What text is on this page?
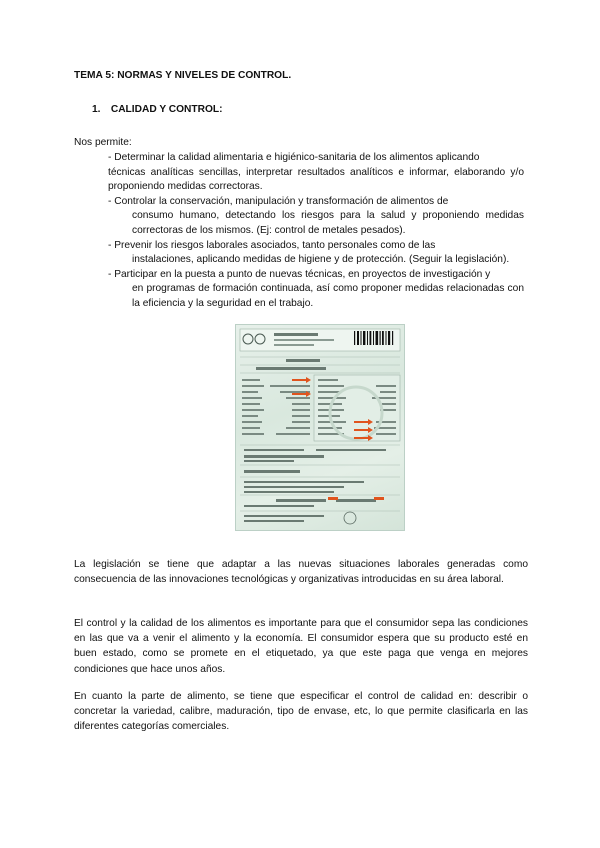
TEMA 5: NORMAS Y NIVELES DE CONTROL.
1. CALIDAD Y CONTROL:
Nos permite:

- Determinar la calidad alimentaria e higiénico-sanitaria de los alimentos aplicando
técnicas analíticas sencillas, interpretar resultados analíticos e informar, elaborando y/o proponiendo medidas correctoras.

- Controlar la conservación, manipulación y transformación de alimentos de
consumo humano, detectando los riesgos para la salud y proponiendo medidas correctoras de los mismos. (Ej: control de metales pesados).

- Prevenir los riesgos laborales asociados, tanto personales como de las
instalaciones, aplicando medidas de higiene y de protección. (Seguir la legislación).

- Participar en la puesta a punto de nuevas técnicas, en proyectos de investigación y
en programas de formación continuada, así como proponer medidas relacionadas con la eficiencia y la seguridad en el trabajo.

La legislación se tiene que adaptar a las nuevas situaciones laborales generadas como consecuencia de las innovaciones tecnológicas y organizativas introducidas en su área laboral.

El control y la calidad de los alimentos es importante para que el consumidor sepa las condiciones en las que va a venir el alimento y la economía. El consumidor espera que su producto esté en buen estado, como se promete en el etiquetado, ya que este paga que venga en mejores condiciones que hace unos años.

En cuanto la parte de alimento, se tiene que especificar el control de calidad en: describir o concretar la variedad, calibre, maduración, tipo de envase, etc, lo que permite clasificarla en las diferentes categorías comerciales.
